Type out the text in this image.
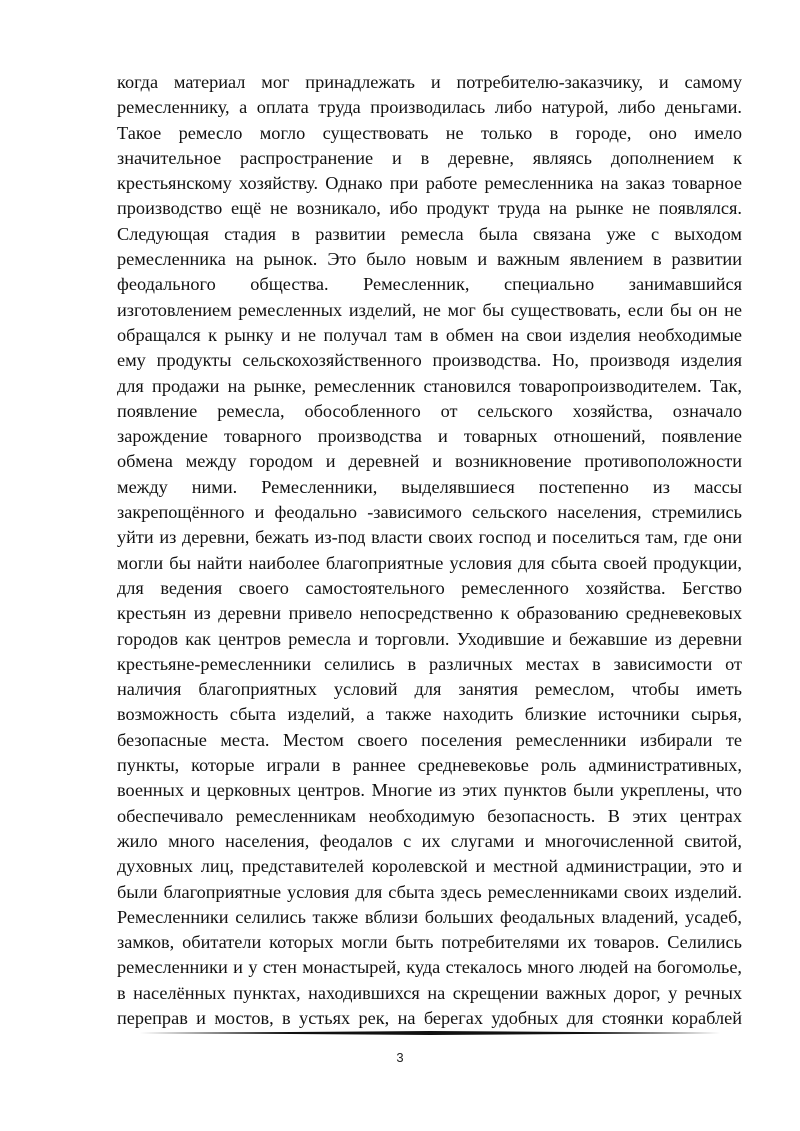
когда материал мог принадлежать и потребителю-заказчику, и самому
ремесленнику, а оплата труда производилась либо натурой, либо деньгами.
Такое ремесло могло существовать не только в городе, оно имело
значительное распространение и в деревне, являясь дополнением к
крестьянскому хозяйству. Однако при работе ремесленника на заказ товарное
производство ещё не возникало, ибо продукт труда на рынке не появлялся.
Следующая стадия в развитии ремесла была связана уже с выходом
ремесленника на рынок. Это было новым и важным явлением в развитии
феодального общества. Ремесленник, специально занимавшийся
изготовлением ремесленных изделий, не мог бы существовать, если бы он не
обращался к рынку и не получал там в обмен на свои изделия необходимые
ему продукты сельскохозяйственного производства. Но, производя изделия
для продажи на рынке, ремесленник становился товаропроизводителем. Так,
появление ремесла, обособленного от сельского хозяйства, означало
зарождение товарного производства и товарных отношений, появление
обмена между городом и деревней и возникновение противоположности
между ними. Ремесленники, выделявшиеся постепенно из массы
закрепощённого и феодально -зависимого сельского населения, стремились
уйти из деревни, бежать из-под власти своих господ и поселиться там, где они
могли бы найти наиболее благоприятные условия для сбыта своей продукции,
для ведения своего самостоятельного ремесленного хозяйства. Бегство
крестьян из деревни привело непосредственно к образованию средневековых
городов как центров ремесла и торговли. Уходившие и бежавшие из деревни
крестьяне-ремесленники селились в различных местах в зависимости от
наличия благоприятных условий для занятия ремеслом, чтобы иметь
возможность сбыта изделий, а также находить близкие источники сырья,
безопасные места. Местом своего поселения ремесленники избирали те
пункты, которые играли в раннее средневековье роль административных,
военных и церковных центров. Многие из этих пунктов были укреплены, что
обеспечивало ремесленникам необходимую безопасность. В этих центрах
жило много населения, феодалов с их слугами и многочисленной свитой,
духовных лиц, представителей королевской и местной администрации, это и
были благоприятные условия для сбыта здесь ремесленниками своих изделий.
Ремесленники селились также вблизи больших феодальных владений, усадеб,
замков, обитатели которых могли быть потребителями их товаров. Селились
ремесленники и у стен монастырей, куда стекалось много людей на богомолье,
в населённых пунктах, находившихся на скрещении важных дорог, у речных
переправ и мостов, в устьях рек, на берегах удобных для стоянки кораблей
3
